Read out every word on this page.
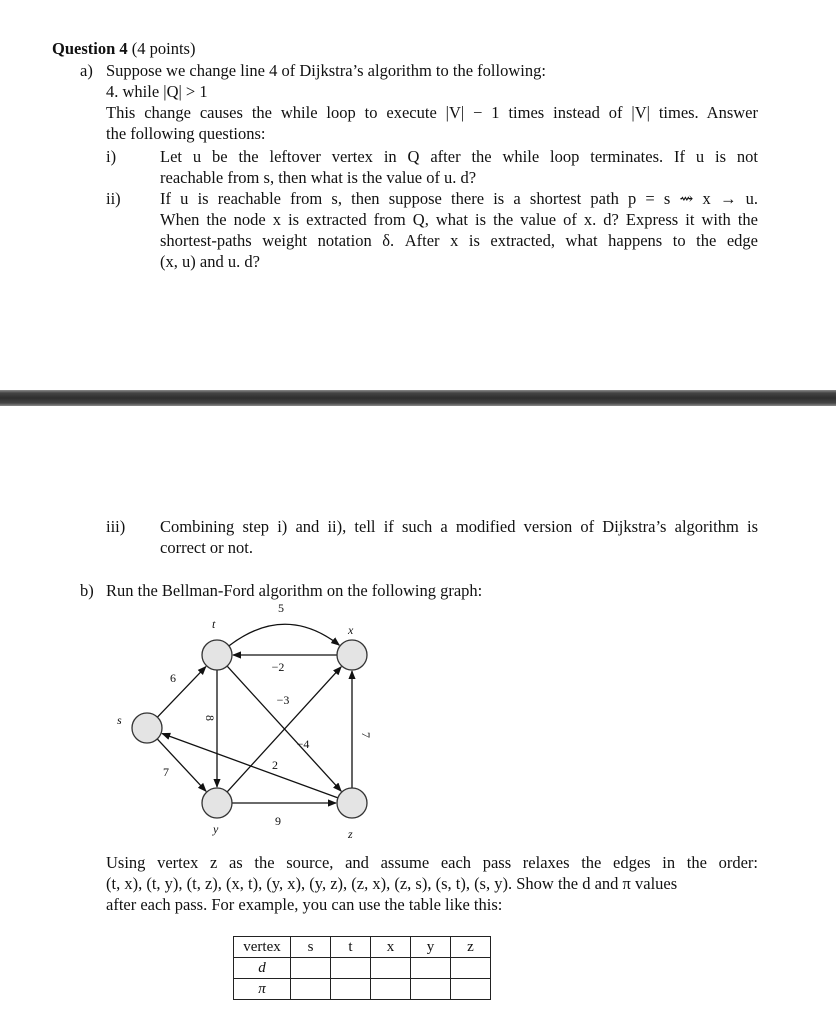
Question 4 (4 points)
a) Suppose we change line 4 of Dijkstra’s algorithm to the following:
4. while |Q| > 1
This change causes the while loop to execute |V| − 1 times instead of |V| times. Answer
the following questions:
i)	Let u be the leftover vertex in Q after the while loop terminates. If u is not
reachable from s, then what is the value of u. d?
ii) If u is reachable from s, then suppose there is a shortest path p = s ⇝ x → u.
When the node x is extracted from Q, what is the value of x. d? Express it with the
shortest-paths weight notation δ. After x is extracted, what happens to the edge
(x, u) and u. d?
iii) Combining step i) and ii), tell if such a modified version of Dijkstra’s algorithm is
correct or not.
b) Run the Bellman-Ford algorithm on the following graph:
5
−2
6
8
7
−4
−3
9
7
2
s
t	x
y	z
Using vertex z as the source, and assume each pass relaxes the edges in the order:
(t, x), (t, y), (t, z), (x, t), (y, x), (y, z), (z, x), (z, s), (s, t), (s, y). Show the d and π values
after each pass. For example, you can use the table like this:
vertex	s	t	x	y	z
d					
π					
